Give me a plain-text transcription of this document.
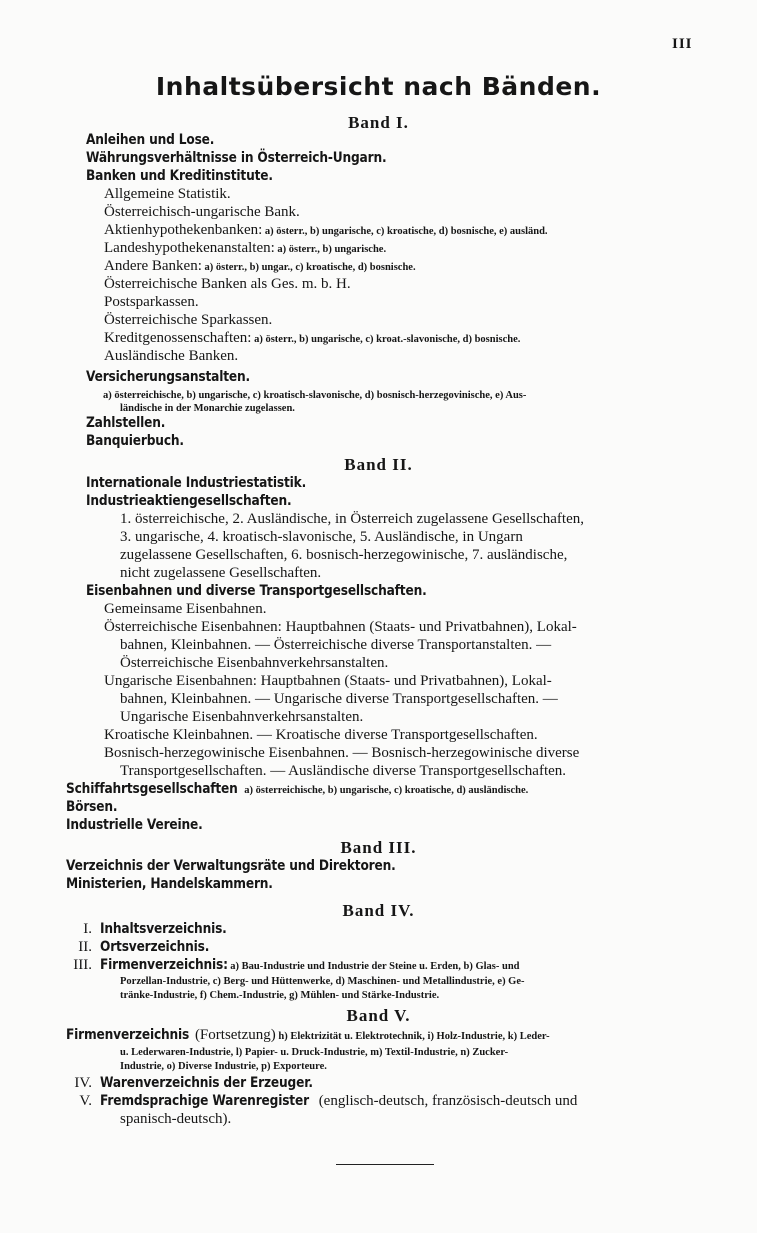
III
Inhaltsübersicht nach Bänden.
Band I.
Anleihen und Lose.
Währungsverhältnisse in Österreich-Ungarn.
Banken und Kreditinstitute.
Allgemeine Statistik.
Österreichisch-ungarische Bank.
Aktienhypothekenbanken: a) österr., b) ungarische, c) kroatische, d) bosnische, e) ausländ.
Landeshypothekenanstalten: a) österr., b) ungarische.
Andere Banken: a) österr., b) ungar., c) kroatische, d) bosnische.
Österreichische Banken als Ges. m. b. H.
Postsparkassen.
Österreichische Sparkassen.
Kreditgenossenschaften: a) österr., b) ungarische, c) kroat.-slavonische, d) bosnische.
Ausländische Banken.
Versicherungsanstalten.
a) österreichische, b) ungarische, c) kroatisch-slavonische, d) bosnisch-herzegovinische, e) Aus-
ländische in der Monarchie zugelassen.
Zahlstellen.
Banquierbuch.
Band II.
Internationale Industriestatistik.
Industrieaktiengesellschaften.
1. österreichische, 2. Ausländische, in Österreich zugelassene Gesellschaften,
3. ungarische, 4. kroatisch-slavonische, 5. Ausländische, in Ungarn
zugelassene Gesellschaften, 6. bosnisch-herzegowinische, 7. ausländische,
nicht zugelassene Gesellschaften.
Eisenbahnen und diverse Transportgesellschaften.
Gemeinsame Eisenbahnen.
Österreichische Eisenbahnen: Hauptbahnen (Staats- und Privatbahnen), Lokal-
bahnen, Kleinbahnen. — Österreichische diverse Transportanstalten. —
Österreichische Eisenbahnverkehrsanstalten.
Ungarische Eisenbahnen: Hauptbahnen (Staats- und Privatbahnen), Lokal-
bahnen, Kleinbahnen. — Ungarische diverse Transportgesellschaften. —
Ungarische Eisenbahnverkehrsanstalten.
Kroatische Kleinbahnen. — Kroatische diverse Transportgesellschaften.
Bosnisch-herzegowinische Eisenbahnen. — Bosnisch-herzegowinische diverse
Transportgesellschaften. — Ausländische diverse Transportgesellschaften.
Schiffahrtsgesellschaften a) österreichische, b) ungarische, c) kroatische, d) ausländische.
Börsen.
Industrielle Vereine.
Band III.
Verzeichnis der Verwaltungsräte und Direktoren.
Ministerien, Handelskammern.
Band IV.
I. Inhaltsverzeichnis.
II. Ortsverzeichnis.
III. Firmenverzeichnis: a) Bau-Industrie und Industrie der Steine u. Erden, b) Glas- und
Porzellan-Industrie, c) Berg- und Hüttenwerke, d) Maschinen- und Metallindustrie, e) Ge-
tränke-Industrie, f) Chem.-Industrie, g) Mühlen- und Stärke-Industrie.
Band V.
Firmenverzeichnis (Fortsetzung) h) Elektrizität u. Elektrotechnik, i) Holz-Industrie, k) Leder-
u. Lederwaren-Industrie, l) Papier- u. Druck-Industrie, m) Textil-Industrie, n) Zucker-
Industrie, o) Diverse Industrie, p) Exporteure.
IV. Warenverzeichnis der Erzeuger.
V. Fremdsprachige Warenregister (englisch-deutsch, französisch-deutsch und
spanisch-deutsch).
